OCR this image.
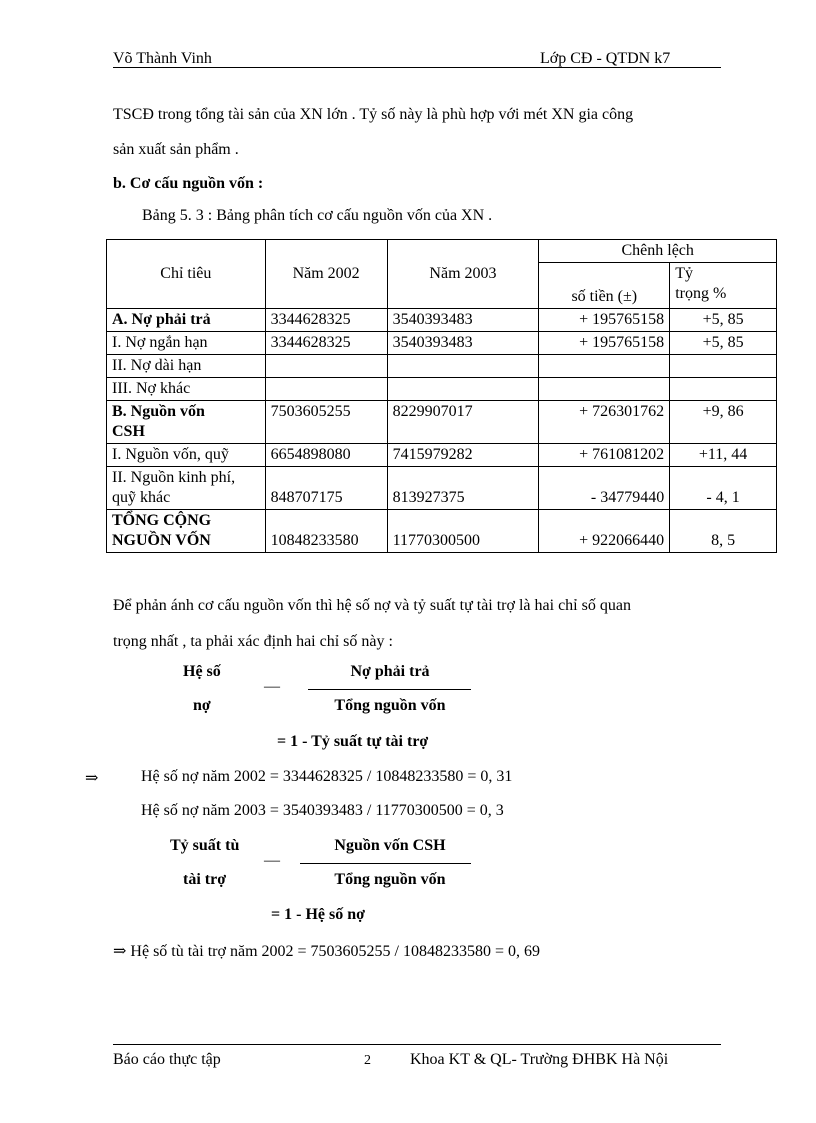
Võ Thành Vinh	Lớp CĐ - QTDN k7
TSCĐ trong tổng tài sản của XN lớn . Tỷ số này là phù hợp với mét XN gia công
sản xuất sản phẩm .
b. Cơ cấu nguồn vốn :
Bảng 5. 3 : Bảng phân tích cơ cấu nguồn vốn của XN .
Chỉ tiêu	Năm 2002	Năm 2003	Chênh lệch	
			số tiền (±)	Tỷ
trọng %

A. Nợ phải trả	3344628325	3540393483	+ 195765158	+5, 85
I. Nợ ngắn hạn	3344628325	3540393483	+ 195765158	+5, 85
II. Nợ dài hạn				
III. Nợ khác				

B. Nguồn vốn
CSH	7503605255	8229907017	+ 726301762	+9, 86
I. Nguồn vốn, quỹ	6654898080	7415979282	+ 761081202	+11, 44

II. Nguồn kinh phí,
quỹ khác	848707175	813927375	- 34779440	- 4, 1

TỔNG CỘNG
NGUỒN VỐN	10848233580	11770300500	+ 922066440	8, 5
Để phản ánh cơ cấu nguồn vốn thì hệ số nợ và tỷ suất tự tài trợ là hai chỉ số quan
trọng nhất , ta phải xác định hai chỉ số này :
Hệ số
nợ
—
Nợ phải trả
Tổng nguồn vốn
= 1 - Tỷ suất tự tài trợ
⇒	Hệ số nợ năm 2002 = 3344628325 / 10848233580 = 0, 31
Hệ số nợ năm 2003 = 3540393483 / 11770300500 = 0, 3
Tỷ suất tù
tài trợ
—
Nguồn vốn CSH
Tổng nguồn vốn
= 1 - Hệ số nợ
⇒ Hệ số tù tài trợ năm 2002 = 7503605255 / 10848233580 = 0, 69
Báo cáo thực tập	2 Khoa KT & QL- Trường ĐHBK Hà Nội
